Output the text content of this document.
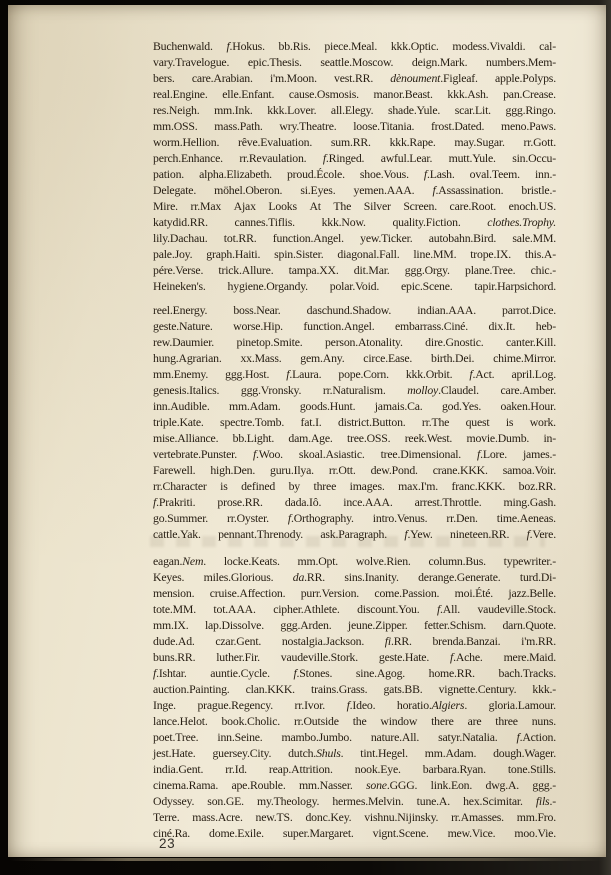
Buchenwald. f.Hokus. bb.Ris. piece.Meal. kkk.Optic. modess.Vivaldi. cal-
vary.Travelogue. epic.Thesis. seattle.Moscow. deign.Mark. numbers.Mem-
bers. care.Arabian. i'm.Moon. vest.RR. dènoument.Figleaf. apple.Polyps.
real.Engine. elle.Enfant. cause.Osmosis. manor.Beast. kkk.Ash. pan.Crease.
res.Neigh. mm.Ink. kkk.Lover. all.Elegy. shade.Yule. scar.Lit. ggg.Ringo.
mm.OSS. mass.Path. wry.Theatre. loose.Titania. frost.Dated. meno.Paws.
worm.Hellion. rêve.Evaluation. sum.RR. kkk.Rape. may.Sugar. rr.Gott.
perch.Enhance. rr.Revaulation. f.Ringed. awful.Lear. mutt.Yule. sin.Occu-
pation. alpha.Elizabeth. proud.École. shoe.Vous. f.Lash. oval.Teem. inn.-
Delegate. möhel.Oberon. si.Eyes. yemen.AAA. f.Assassination. bristle.-
Mire. rr.Max Ajax Looks At The Silver Screen. care.Root. enoch.US.
katydid.RR. cannes.Tiflis. kkk.Now. quality.Fiction. clothes.Trophy.
lily.Dachau. tot.RR. function.Angel. yew.Ticker. autobahn.Bird. sale.MM.
pale.Joy. graph.Haiti. spin.Sister. diagonal.Fall. line.MM. trope.IX. this.A-
pére.Verse. trick.Allure. tampa.XX. dit.Mar. ggg.Orgy. plane.Tree. chic.-
Heineken's. hygiene.Organdy. polar.Void. epic.Scene. tapir.Harpsichord.
reel.Energy. boss.Near. daschund.Shadow. indian.AAA. parrot.Dice.
geste.Nature. worse.Hip. function.Angel. embarrass.Ciné. dix.It. heb-
rew.Daumier. pinetop.Smite. person.Atonality. dire.Gnostic. canter.Kill.
hung.Agrarian. xx.Mass. gem.Any. circe.Ease. birth.Dei. chime.Mirror.
mm.Enemy. ggg.Host. f.Laura. pope.Corn. kkk.Orbit. f.Act. april.Log.
genesis.Italics. ggg.Vronsky. rr.Naturalism. molloy.Claudel. care.Amber.
inn.Audible. mm.Adam. goods.Hunt. jamais.Ca. god.Yes. oaken.Hour.
triple.Kate. spectre.Tomb. fat.I. district.Button. rr.The quest is work.
mise.Alliance. bb.Light. dam.Age. tree.OSS. reek.West. movie.Dumb. in-
vertebrate.Punster. f.Woo. skoal.Asiastic. tree.Dimensional. f.Lore. james.-
Farewell. high.Den. guru.Ilya. rr.Ott. dew.Pond. crane.KKK. samoa.Voir.
rr.Character is defined by three images. max.I'm. franc.KKK. boz.RR.
f.Prakriti. prose.RR. dada.Iô. ince.AAA. arrest.Throttle. ming.Gash.
go.Summer. rr.Oyster. f.Orthography. intro.Venus. rr.Den. time.Aeneas.
cattle.Yak. pennant.Threnody. ask.Paragraph. f.Yew. nineteen.RR. f.Vere.
eagan.Nem. locke.Keats. mm.Opt. wolve.Rien. column.Bus. typewriter.-
Keyes. miles.Glorious. da.RR. sins.Inanity. derange.Generate. turd.Di-
mension. cruise.Affection. purr.Version. come.Passion. moi.Été. jazz.Belle.
tote.MM. tot.AAA. cipher.Athlete. discount.You. f.All. vaudeville.Stock.
mm.IX. lap.Dissolve. ggg.Arden. jeune.Zipper. fetter.Schism. darn.Quote.
dude.Ad. czar.Gent. nostalgia.Jackson. fi.RR. brenda.Banzai. i'm.RR.
buns.RR. luther.Fir. vaudeville.Stork. geste.Hate. f.Ache. mere.Maid.
f.Ishtar. auntie.Cycle. f.Stones. sine.Agog. home.RR. bach.Tracks.
auction.Painting. clan.KKK. trains.Grass. gats.BB. vignette.Century. kkk.-
Inge. prague.Regency. rr.Ivor. f.Ideo. horatio.Algiers. gloria.Lamour.
lance.Helot. book.Cholic. rr.Outside the window there are three nuns.
poet.Tree. inn.Seine. mambo.Jumbo. nature.All. satyr.Natalia. f.Action.
jest.Hate. guersey.City. dutch.Shuls. tint.Hegel. mm.Adam. dough.Wager.
india.Gent. rr.Id. reap.Attrition. nook.Eye. barbara.Ryan. tone.Stills.
cinema.Rama. ape.Rouble. mm.Nasser. sone.GGG. link.Eon. dwg.A. ggg.-
Odyssey. son.GE. my.Theology. hermes.Melvin. tune.A. hex.Scimitar. fils.-
Terre. mass.Acre. new.TS. donc.Key. vishnu.Nijinsky. rr.Amasses. mm.Fro.
ciné.Ra. dome.Exile. super.Margaret. vignt.Scene. mew.Vice. moo.Vie.
23
